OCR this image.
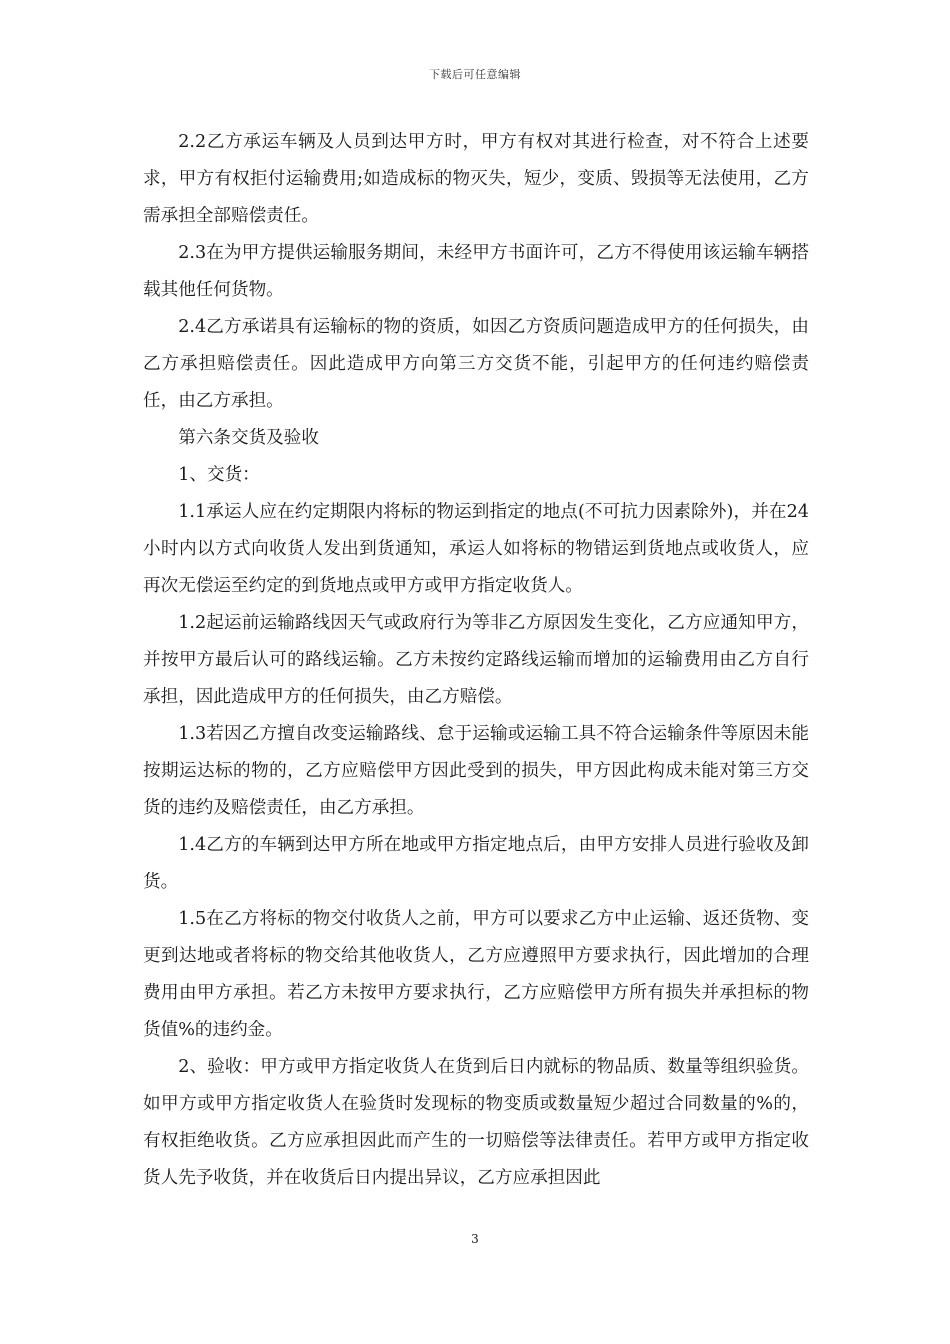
下载后可任意编辑

2.2乙方承运车辆及人员到达甲方时，甲方有权对其进行检查，对不符合上述要求，甲方有权拒付运输费用;如造成标的物灭失，短少，变质、毁损等无法使用，乙方需承担全部赔偿责任。

2.3在为甲方提供运输服务期间，未经甲方书面许可，乙方不得使用该运输车辆搭载其他任何货物。

2.4乙方承诺具有运输标的物的资质，如因乙方资质问题造成甲方的任何损失，由乙方承担赔偿责任。因此造成甲方向第三方交货不能，引起甲方的任何违约赔偿责任，由乙方承担。

第六条交货及验收

1、交货：

1.1承运人应在约定期限内将标的物运到指定的地点(不可抗力因素除外)，并在24小时内以方式向收货人发出到货通知，承运人如将标的物错运到货地点或收货人，应再次无偿运至约定的到货地点或甲方或甲方指定收货人。

1.2起运前运输路线因天气或政府行为等非乙方原因发生变化，乙方应通知甲方，并按甲方最后认可的路线运输。乙方未按约定路线运输而增加的运输费用由乙方自行承担，因此造成甲方的任何损失，由乙方赔偿。

1.3若因乙方擅自改变运输路线、怠于运输或运输工具不符合运输条件等原因未能按期运达标的物的，乙方应赔偿甲方因此受到的损失，甲方因此构成未能对第三方交货的违约及赔偿责任，由乙方承担。

1.4乙方的车辆到达甲方所在地或甲方指定地点后，由甲方安排人员进行验收及卸货。

1.5在乙方将标的物交付收货人之前，甲方可以要求乙方中止运输、返还货物、变更到达地或者将标的物交给其他收货人，乙方应遵照甲方要求执行，因此增加的合理费用由甲方承担。若乙方未按甲方要求执行，乙方应赔偿甲方所有损失并承担标的物货值%的违约金。

2、验收：甲方或甲方指定收货人在货到后日内就标的物品质、数量等组织验货。如甲方或甲方指定收货人在验货时发现标的物变质或数量短少超过合同数量的%的，有权拒绝收货。乙方应承担因此而产生的一切赔偿等法律责任。若甲方或甲方指定收货人先予收货，并在收货后日内提出异议，乙方应承担因此

3
